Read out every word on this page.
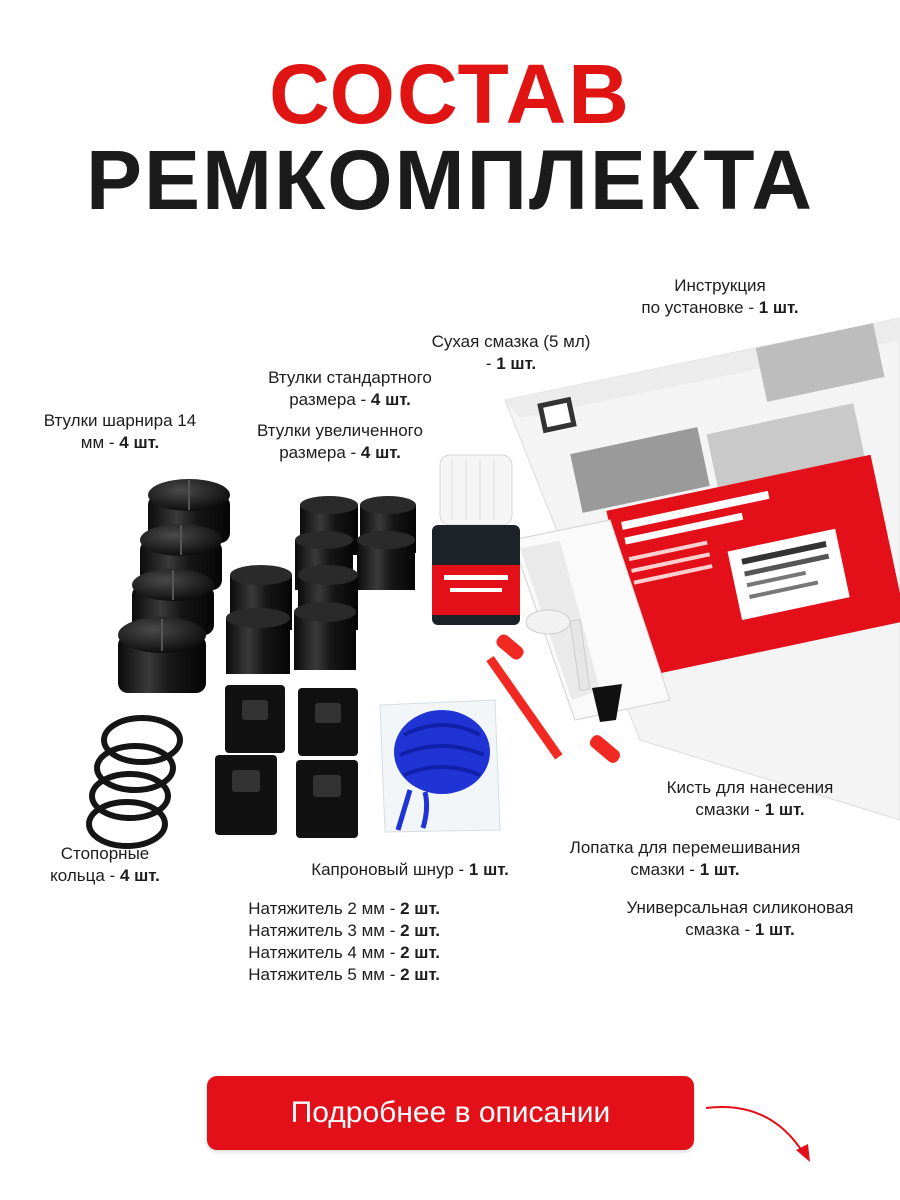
СОСТАВ
РЕМКОМПЛЕКТА
Инструкция
по установке - 1 шт.
Сухая смазка (5 мл)
- 1 шт.
Втулки стандартного
размера - 4 шт.
Втулки увеличенного
размера - 4 шт.
Втулки шарнира 14
мм - 4 шт.
Кисть для нанесения
смазки - 1 шт.
Лопатка для перемешивания
смазки - 1 шт.
Универсальная силиконовая
смазка - 1 шт.
Стопорные
кольца - 4 шт.	Капроновый шнур - 1 шт.
Натяжитель 2 мм - 2 шт.
Натяжитель 3 мм - 2 шт.
Натяжитель 4 мм - 2 шт.
Натяжитель 5 мм - 2 шт.
Подробнее в описании
